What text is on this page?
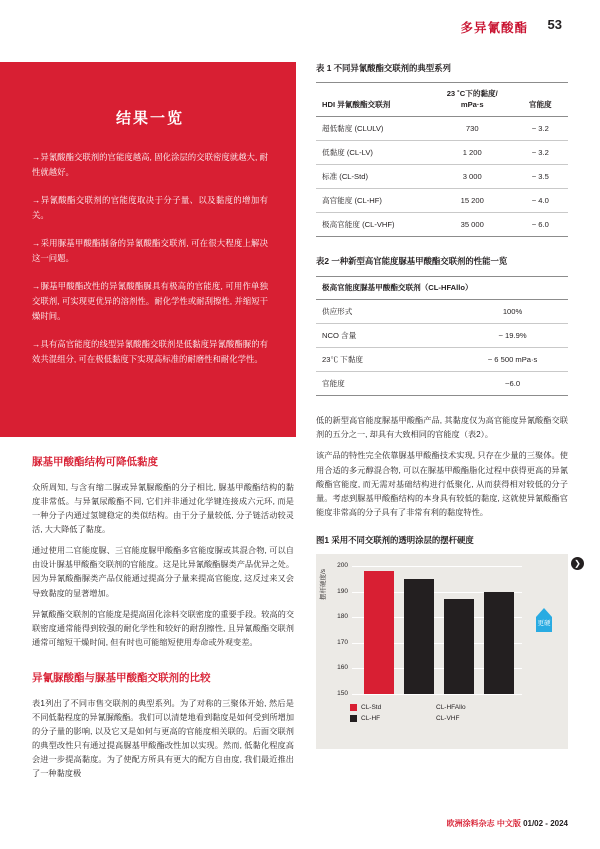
多异氰酸酯 53
结果一览

→异氰酸酯交联剂的官能度越高, 固化涂层的交联密度就越大, 耐性就越好。

→异氰酸酯交联剂的官能度取决于分子量、以及黏度的增加有关。

→采用脲基甲酸酯制备的异氰酸酯交联剂, 可在很大程度上解决这一问题。

→脲基甲酸酯改性的异氰酸酯脲具有极高的官能度, 可用作单独交联剂, 可实现更优异的溶剂性。耐化学性或耐刮擦性, 并缩短干燥时间。

→具有高官能度的线型异氰酸酯交联剂是低黏度异氰酸酯脲的有效共混组分, 可在极低黏度下实现高标准的耐磨性和耐化学性。

脲基甲酸酯结构可降低黏度

众所周知, 与含有缩二脲或异氰脲酸酯的分子相比, 脲基甲酸酯结构的黏度非常低。与异氰尿酸酯不同, 它们并非通过化学键连接成六元环, 而是一种分子内通过氢键稳定的类似结构。由于分子量较低, 分子链活动较灵活, 大大降低了黏度。

通过使用二官能度脲、三官能度脲甲酸酯多官能度脲或其混合物, 可以自由设计脲基甲酸酯交联剂的官能度。这是比异氰酸酯脲类产品优异之处。因为异氰酸酯脲类产品仅能通过提高分子量来提高官能度, 这反过来又会导致黏度的显著增加。

异氰酸酯交联剂的官能度是提高固化涂料交联密度的重要手段。较高的交联密度通常能得到较强的耐化学性和较好的耐刮擦性, 且异氰酸酯交联剂通常可缩短干燥时间, 但有时也可能缩短使用寿命或外观变差。

异氰脲酸酯与脲基甲酸酯交联剂的比较

表1列出了不同市售交联剂的典型系列。为了对称的三聚体开始, 然后是不同低黏程度的异氰脲酸酯。我们可以清楚地看到黏度是如何受到所增加的分子量的影响, 以及它又是如何与更高的官能度相关联的。后面交联剂的典型改性只有通过提高脲基甲酸酯改性加以实现。然而, 低黏化程度高会进一步提高黏度。为了使配方所具有更大的配方自由度, 我们最近推出了一种黏度极

表 1 不同异氰酸酯交联剂的典型系列
HDI 异氰酸酯交联剂	23 ˚C下的黏度/ mPa·s	官能度
超低黏度 (CLULV)	730	~ 3.2
低黏度 (CL-LV)	1 200	~ 3.2
标准 (CL-Std)	3 000	~ 3.5
高官能度 (CL-HF)	15 200	~ 4.0
极高官能度 (CL-VHF)	35 000	~ 6.0
表2 一种新型高官能度脲基甲酸酯交联剂的性能一览
极高官能度脲基甲酸酯交联剂（CL-HFAllo）	
供应形式	100%
NCO 含量	~ 19.9%
23℃ 下黏度	~ 6 500 mPa·s
官能度	~6.0

低的新型高官能度脲基甲酸酯产品, 其黏度仅为高官能度异氰酸酯交联剂的五分之一, 却具有大致相同的官能度（表2）。

该产品的特性完全依靠脲基甲酸酯技术实现, 只存在少量的三聚体。使用合适的多元醇混合物, 可以在脲基甲酸酯脂化过程中获得更高的异氰酸酯官能度, 而无需对基础结构进行低聚化, 从而获得相对较低的分子量。考虑到脲基甲酸酯结构的本身具有较低的黏度, 这就使异氰酸酯官能度非常高的分子具有了非常有利的黏度特性。

图1 采用不同交联剂的透明涂层的摆杆硬度
摆杆硬度/s
200
190
180
170
160
150
CL-Std	CL-HFAllo
CL-HF	CL-VHF
更硬
❯
欧洲涂料杂志 中文版 01/02 - 2024
